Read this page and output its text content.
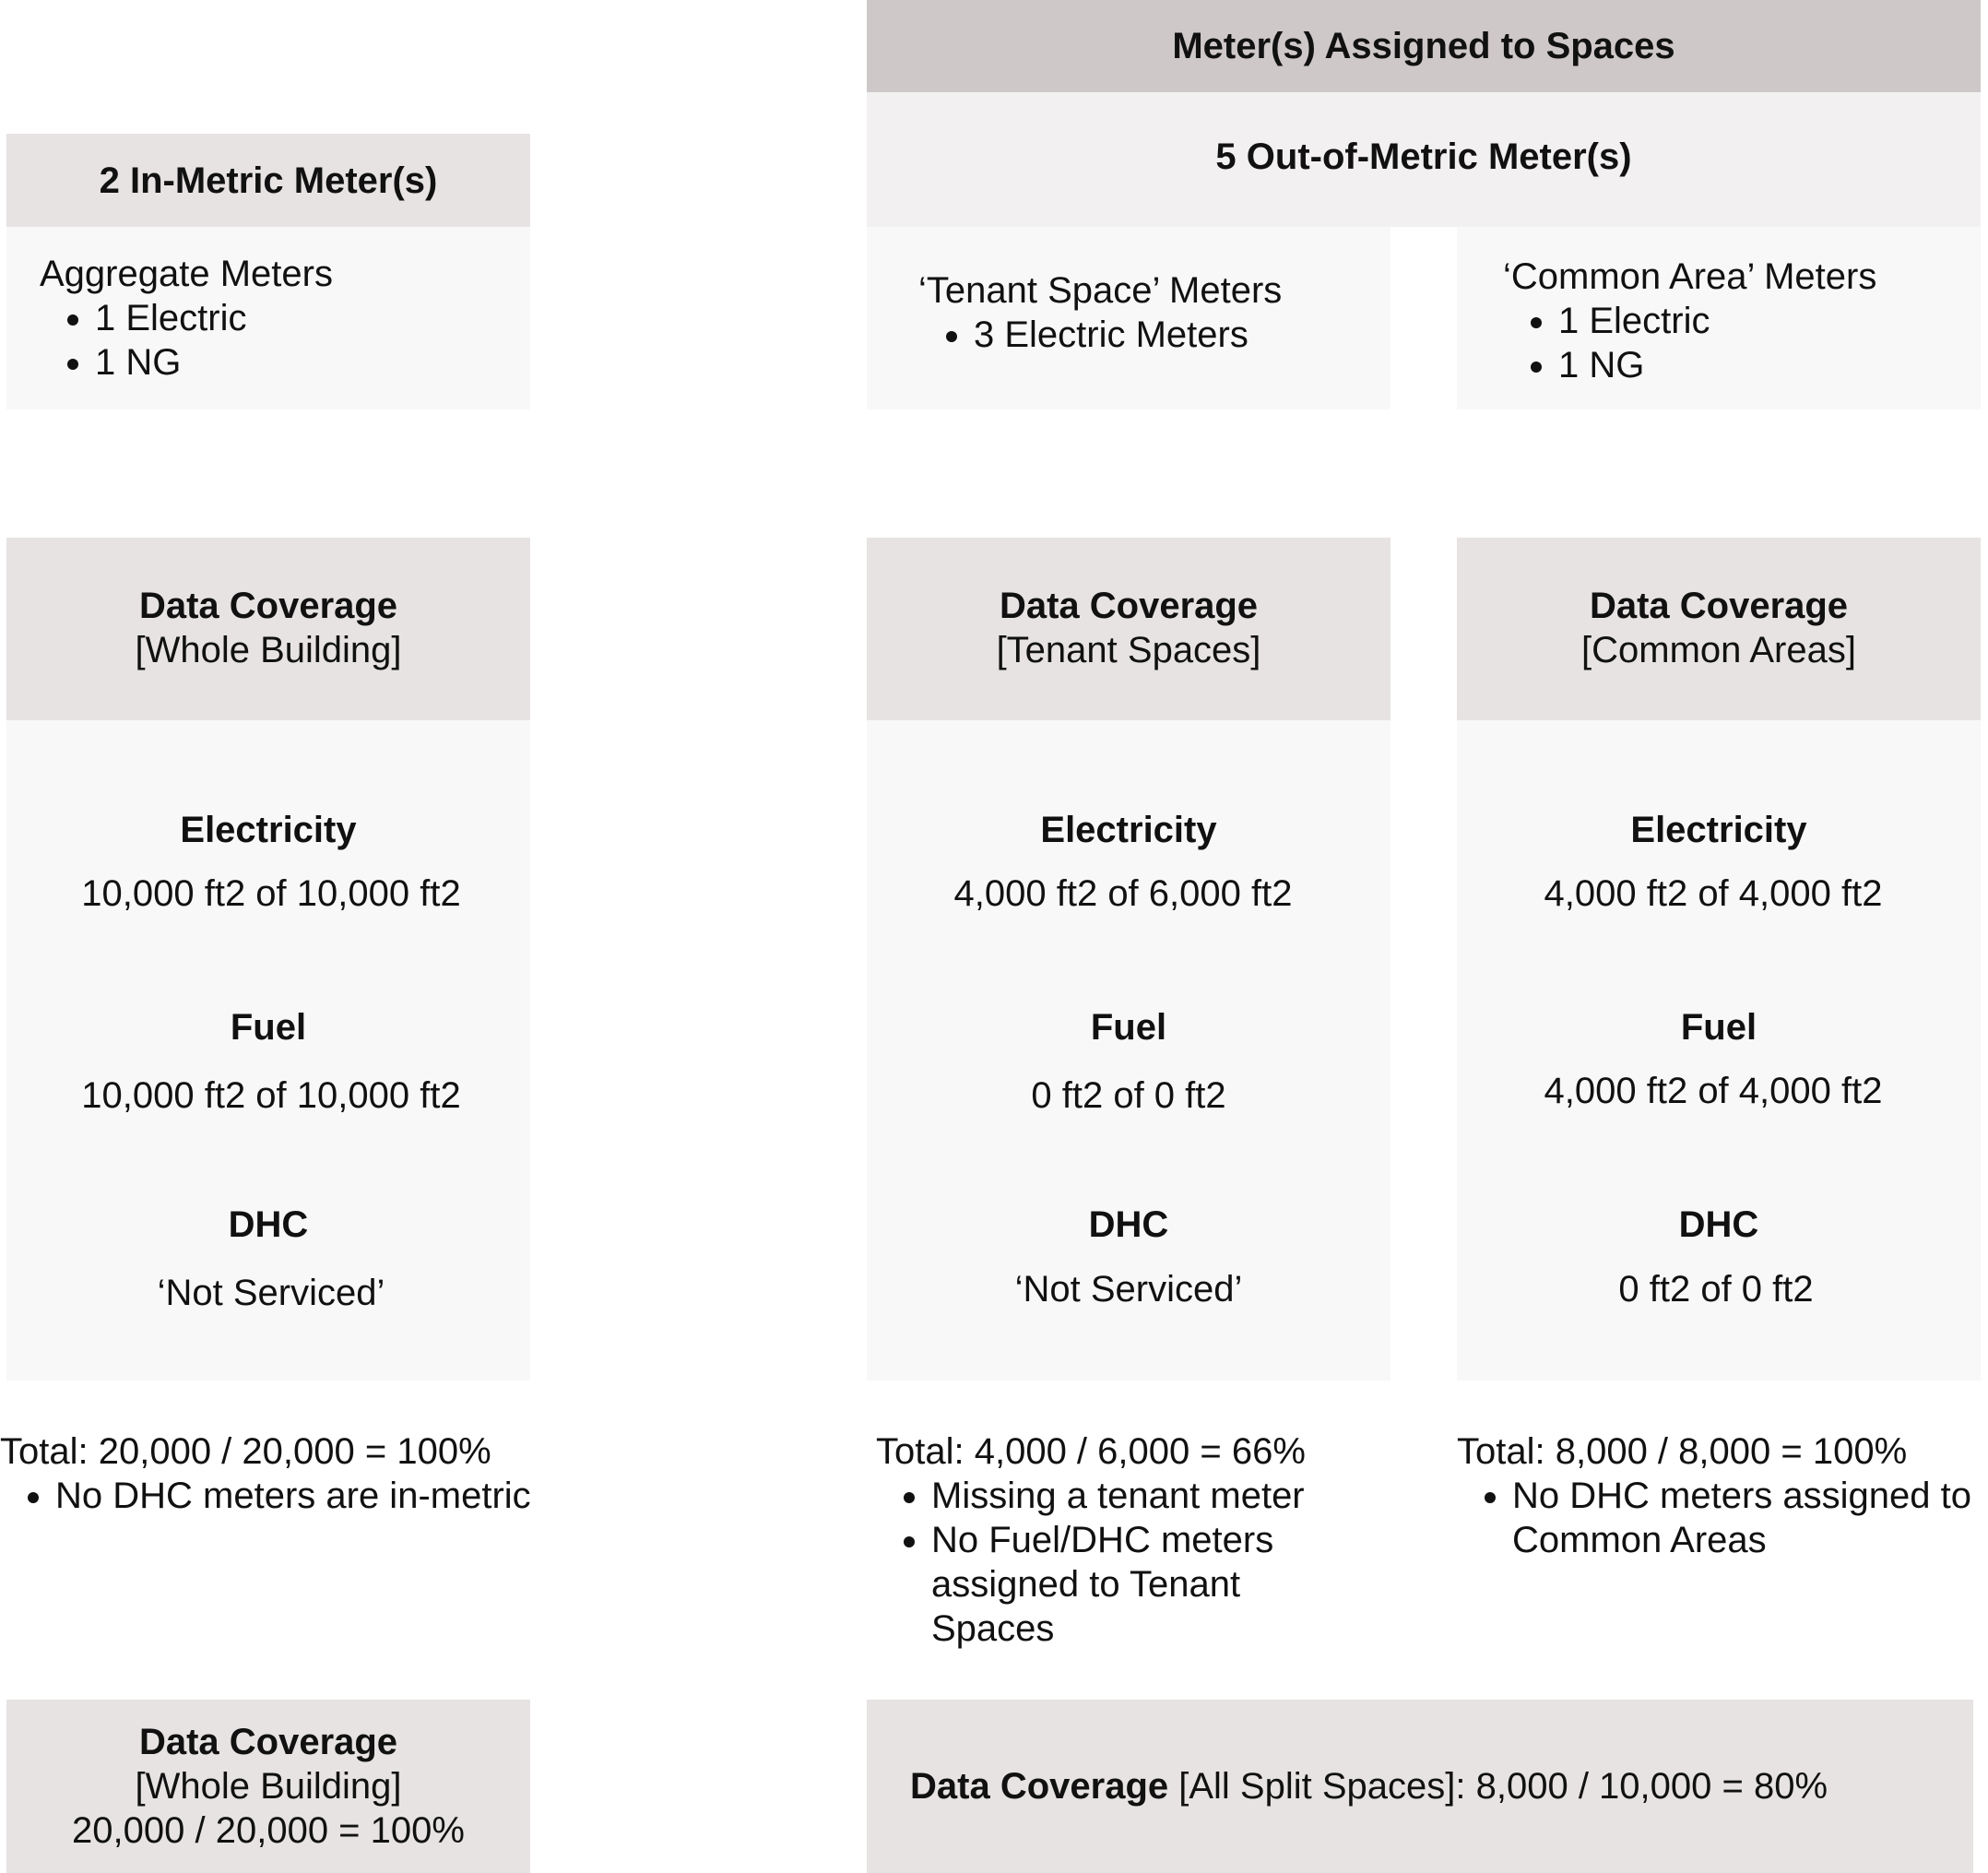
Meter(s) Assigned to Spaces
5 Out-of-Metric Meter(s)
2 In-Metric Meter(s)
Aggregate Meters
• 1 Electric
• 1 NG
‘Tenant Space’ Meters
• 3 Electric Meters
‘Common Area’ Meters
• 1 Electric
• 1 NG
Data Coverage
[Whole Building]
Electricity
10,000 ft2 of 10,000 ft2
Fuel
10,000 ft2 of 10,000 ft2
DHC
‘Not Serviced’
Data Coverage
[Tenant Spaces]
Electricity
4,000 ft2 of 6,000 ft2
Fuel
0 ft2 of 0 ft2
DHC
‘Not Serviced’
Data Coverage
[Common Areas]
Electricity
4,000 ft2 of 4,000 ft2
Fuel
4,000 ft2 of 4,000 ft2
DHC
0 ft2 of 0 ft2
Total: 20,000 / 20,000 = 100%
• No DHC meters are in-metric
Total: 4,000 / 6,000 = 66%
• Missing a tenant meter
• No Fuel/DHC meters assigned to Tenant Spaces
Total: 8,000 / 8,000 = 100%
• No DHC meters assigned to Common Areas
Data Coverage
[Whole Building]
20,000 / 20,000 = 100%
Data Coverage [All Split Spaces]: 8,000 / 10,000 = 80%
